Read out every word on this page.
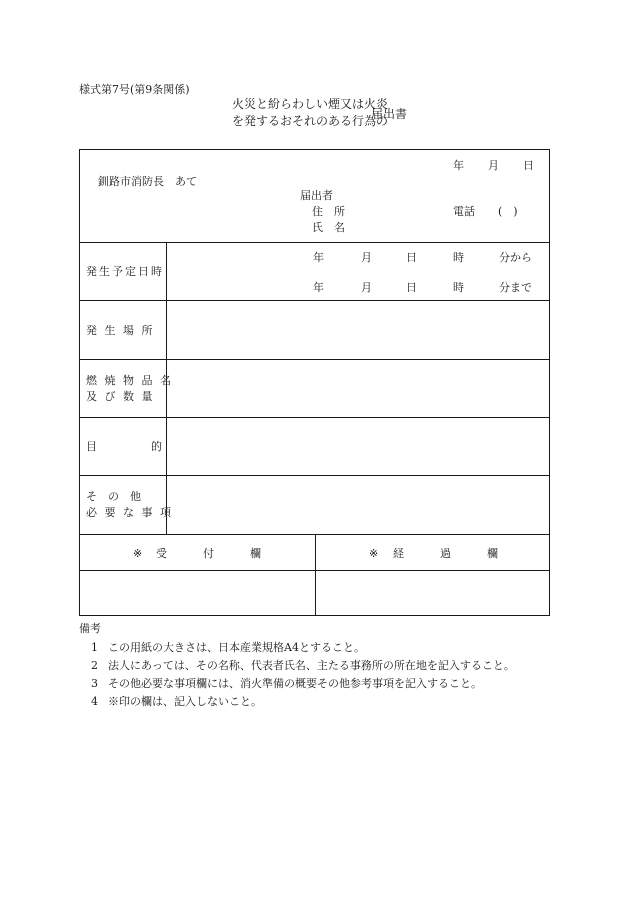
様式第7号(第9条関係)
火災と紛らわしい煙又は火炎
を発するおそれのある行為の
届出書
年 月 日
釧路市消防長　あて
届出者
住　所
氏　名
電話 (　)
発生予定日時
年	月	日	時	分から
年	月	日	時	分まで
発 生 場 所
燃 焼 物 品 名
及 び 数 量
目	的
そ　の　他
必 要 な 事 項
※ 受	付	欄	※ 経	過	欄
備考
1 この用紙の大きさは、日本産業規格A4とすること。
2 法人にあっては、その名称、代表者氏名、主たる事務所の所在地を記入すること。
3 その他必要な事項欄には、消火準備の概要その他参考事項を記入すること。
4 ※印の欄は、記入しないこと。
